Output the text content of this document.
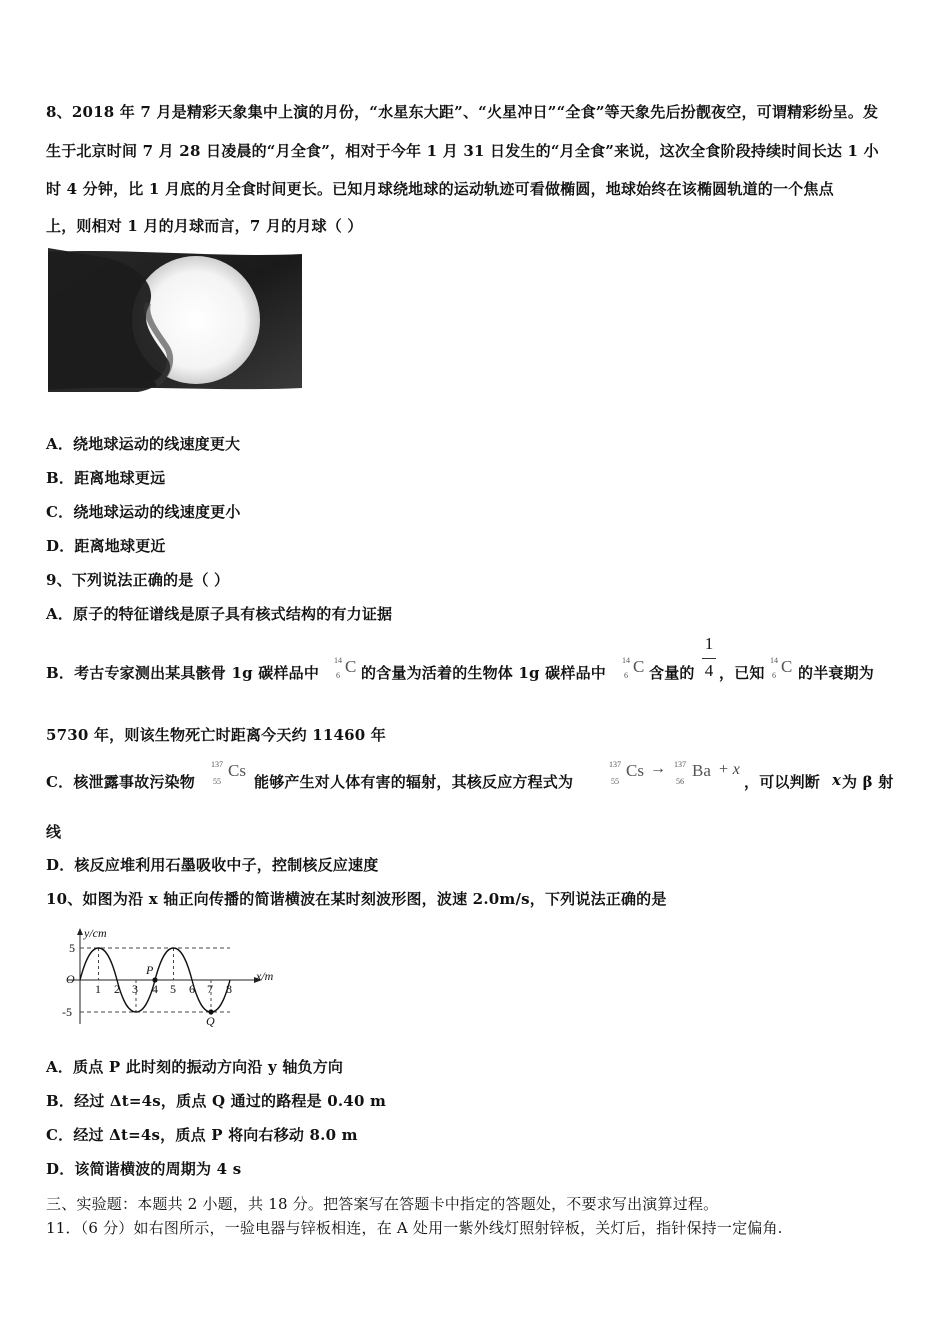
8、2018 年 7 月是精彩天象集中上演的月份，“水星东大距”、“火星冲日”“全食”等天象先后扮靓夜空，可谓精彩纷呈。发
生于北京时间 7 月 28 日凌晨的“月全食”，相对于今年 1 月 31 日发生的“月全食”来说，这次全食阶段持续时间长达 1 小
时 4 分钟，比 1 月底的月全食时间更长。已知月球绕地球的运动轨迹可看做椭圆，地球始终在该椭圆轨道的一个焦点
上，则相对 1 月的月球而言，7 月的月球（ ）
A．绕地球运动的线速度更大
B．距离地球更远
C．绕地球运动的线速度更小
D．距离地球更近
9、下列说法正确的是（ ）
A．原子的特征谱线是原子具有核式结构的有力证据
B．考古专家测出某具骸骨 1g 碳样品中
14
6 C 的含量为活着的生物体 1g 碳样品中
14
6 C 含量的
1
4 ，已知
14
6 C 的半衰期为
5730 年，则该生物死亡时距离今天约 11460 年
C．核泄露事故污染物
137
55
Cs
能够产生对人体有害的辐射，其核反应方程式为
137
55
Cs → 137
56
Ba + x
，可以判断 x 为 β 射
线
D．核反应堆利用石墨吸收中子，控制核反应速度
10、如图为沿 x 轴正向传播的简谐横波在某时刻波形图，波速 2.0m/s，下列说法正确的是
y/cm
x/m
O
5
-5
1 2 3 4 5 6 7 8
P
Q
A．质点 P 此时刻的振动方向沿 y 轴负方向
B．经过 Δt=4s，质点 Q 通过的路程是 0.40 m
C．经过 Δt=4s，质点 P 将向右移动 8.0 m
D．该简谐横波的周期为 4 s
三、实验题：本题共 2 小题，共 18 分。把答案写在答题卡中指定的答题处，不要求写出演算过程。
11．（6 分）如右图所示，一验电器与锌板相连，在 A 处用一紫外线灯照射锌板，关灯后，指针保持一定偏角.
